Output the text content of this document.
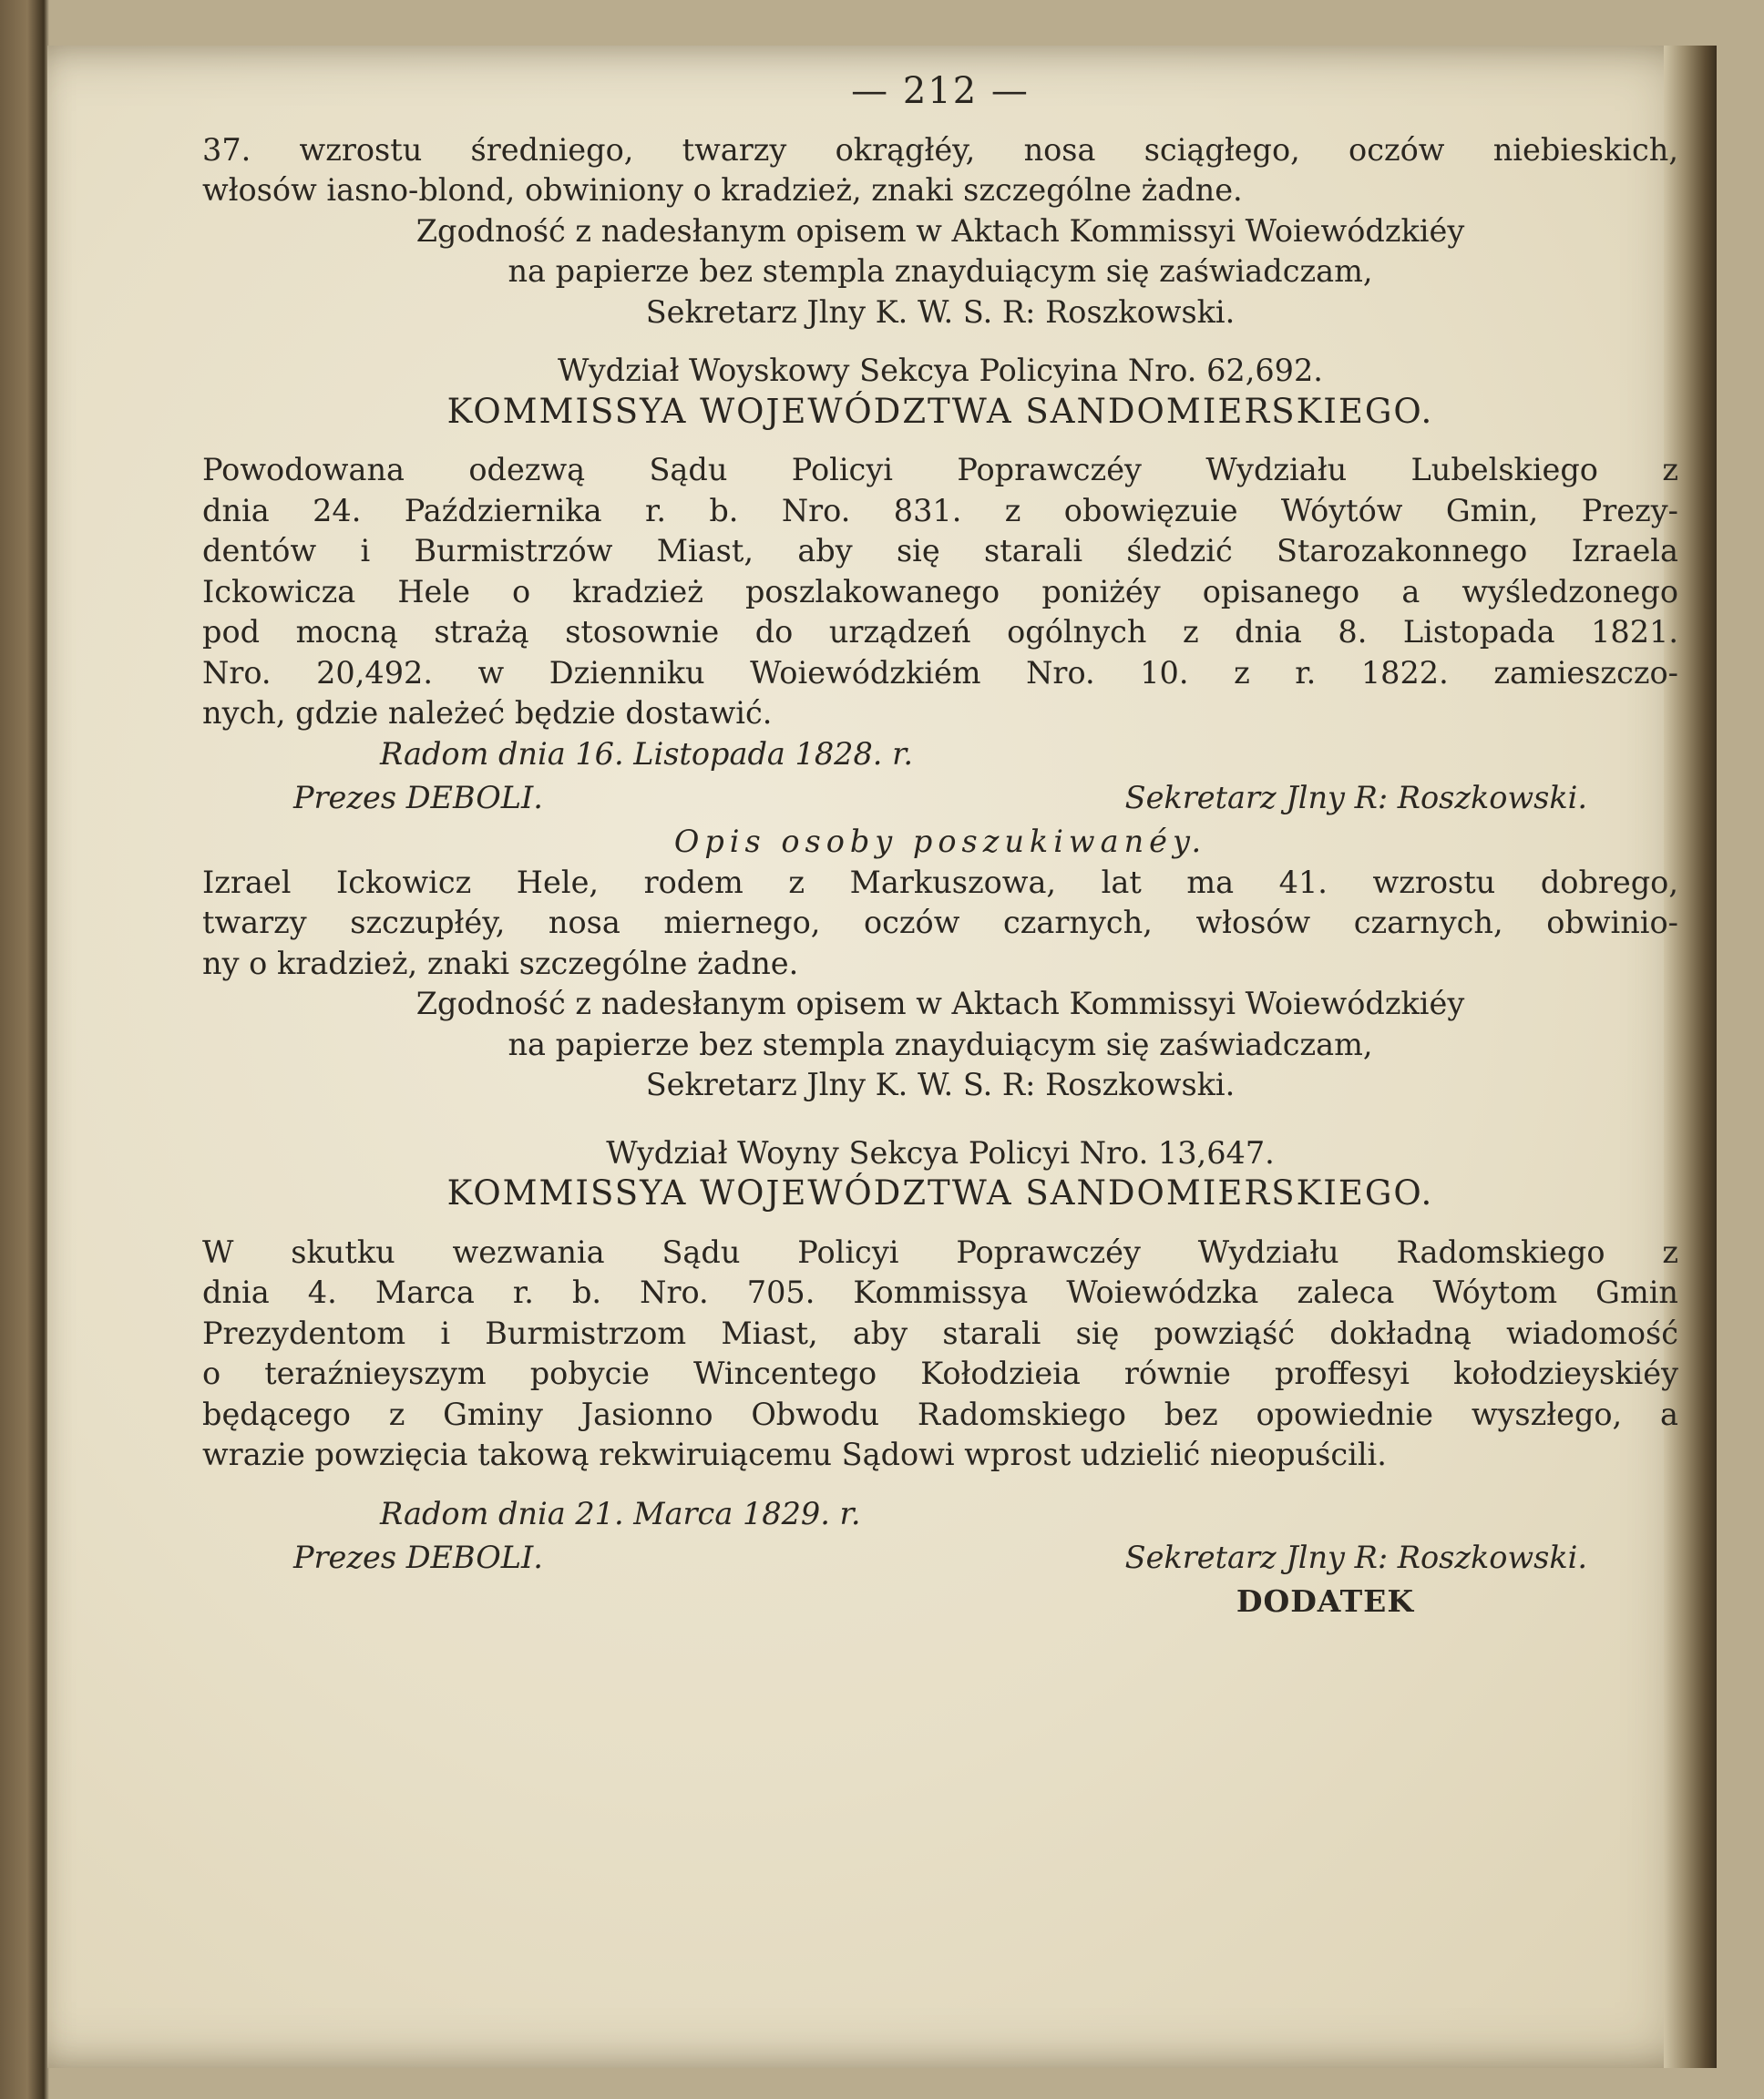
— 212 —

37. wzrostu średniego, twarzy okrągłéy, nosa sciągłego, oczów niebieskich,

włosów iasno-blond, obwiniony o kradzież, znaki szczególne żadne.

Zgodność z nadesłanym opisem w Aktach Kommissyi Woiewódzkiéy

na papierze bez stempla znayduiącym się zaświadczam,

Sekretarz Jlny K. W. S. R: Roszkowski.

Wydział Woyskowy Sekcya Policyina Nro. 62,692.

KOMMISSYA WOJEWÓDZTWA SANDOMIERSKIEGO.

Powodowana odezwą Sądu Policyi Poprawczéy Wydziału Lubelskiego z

dnia 24. Października r. b. Nro. 831. z obowięzuie Wóytów Gmin, Prezy-

dentów i Burmistrzów Miast, aby się starali śledzić Starozakonnego Izraela

Ickowicza Hele o kradzież poszlakowanego poniżéy opisanego a wyśledzonego

pod mocną strażą stosownie do urządzeń ogólnych z dnia 8. Listopada 1821.

Nro. 20,492. w Dzienniku Woiewódzkiém Nro. 10. z r. 1822. zamieszczo-

nych, gdzie należeć będzie dostawić.

Radom dnia 16. Listopada 1828. r.

Prezes DEBOLI.	Sekretarz Jlny R: Roszkowski.

Opis osoby poszukiwanéy.

Izrael Ickowicz Hele, rodem z Markuszowa, lat ma 41. wzrostu dobrego,

twarzy szczupłéy, nosa miernego, oczów czarnych, włosów czarnych, obwinio-

ny o kradzież, znaki szczególne żadne.

Zgodność z nadesłanym opisem w Aktach Kommissyi Woiewódzkiéy

na papierze bez stempla znayduiącym się zaświadczam,

Sekretarz Jlny K. W. S. R: Roszkowski.

Wydział Woyny Sekcya Policyi Nro. 13,647.

KOMMISSYA WOJEWÓDZTWA SANDOMIERSKIEGO.

W skutku wezwania Sądu Policyi Poprawczéy Wydziału Radomskiego z

dnia 4. Marca r. b. Nro. 705. Kommissya Woiewódzka zaleca Wóytom Gmin

Prezydentom i Burmistrzom Miast, aby starali się powziąść dokładną wiadomość

o teraźnieyszym pobycie Wincentego Kołodzieia równie proffesyi kołodzieyskiéy

będącego z Gminy Jasionno Obwodu Radomskiego bez opowiednie wyszłego, a

wrazie powzięcia takową rekwiruiącemu Sądowi wprost udzielić nieopuścili.

Radom dnia 21. Marca 1829. r.

Prezes DEBOLI.	Sekretarz Jlny R: Roszkowski.

DODATEK
